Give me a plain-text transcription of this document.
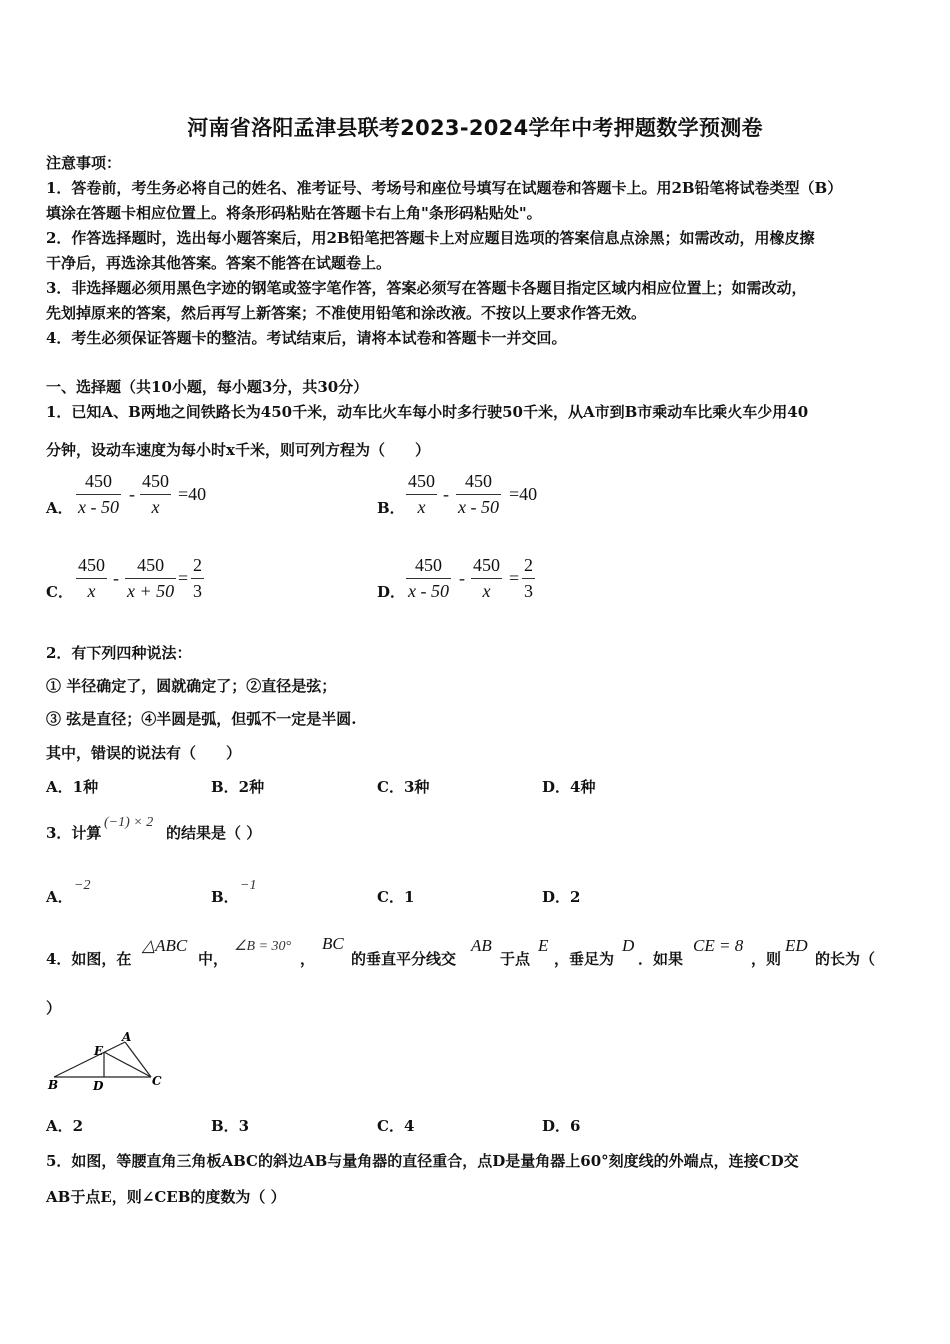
河南省洛阳孟津县联考2023-2024学年中考押题数学预测卷
注意事项：
1．答卷前，考生务必将自己的姓名、准考证号、考场号和座位号填写在试题卷和答题卡上。用2B铅笔将试卷类型（B）
填涂在答题卡相应位置上。将条形码粘贴在答题卡右上角"条形码粘贴处"。
2．作答选择题时，选出每小题答案后，用2B铅笔把答题卡上对应题目选项的答案信息点涂黑；如需改动，用橡皮擦
干净后，再选涂其他答案。答案不能答在试题卷上。
3．非选择题必须用黑色字迹的钢笔或签字笔作答，答案必须写在答题卡各题目指定区域内相应位置上；如需改动，
先划掉原来的答案，然后再写上新答案；不准使用铅笔和涂改液。不按以上要求作答无效。
4．考生必须保证答题卡的整洁。考试结束后，请将本试卷和答题卡一并交回。
一、选择题（共10小题，每小题3分，共30分）
1．已知A、B两地之间铁路长为450千米，动车比火车每小时多行驶50千米，从A市到B市乘动车比乘火车少用40
分钟，设动车速度为每小时x千米，则可列方程为（　　）
A．
450
x - 50
-
450
x
=40
B．
450
x
-
450
x - 50
=40
C．
450
x
-
450
x + 50
=
2
3	D．
450
x - 50
-
450
x
=
2
3
2．有下列四种说法：
① 半径确定了，圆就确定了；②直径是弦；
③ 弦是直径；④半圆是弧，但弧不一定是半圆.
其中，错误的说法有（　　）
A．1种	B．2种	C．3种	D．4种
3．计算
(−1) × 2
的结果是（ ）
A．
−2
B．
−1
C．1	D．2
4．如图，在
△ABC
中，
∠B = 30°
，
BC
的垂直平分线交
AB
于点
E
，垂足为
D
．如果
CE = 8
，则
ED
的长为（
）
A
E
B	D	C
A．2	B．3	C．4	D．6
5．如图，等腰直角三角板ABC的斜边AB与量角器的直径重合，点D是量角器上60°刻度线的外端点，连接CD交
AB于点E，则∠CEB的度数为（ ）
